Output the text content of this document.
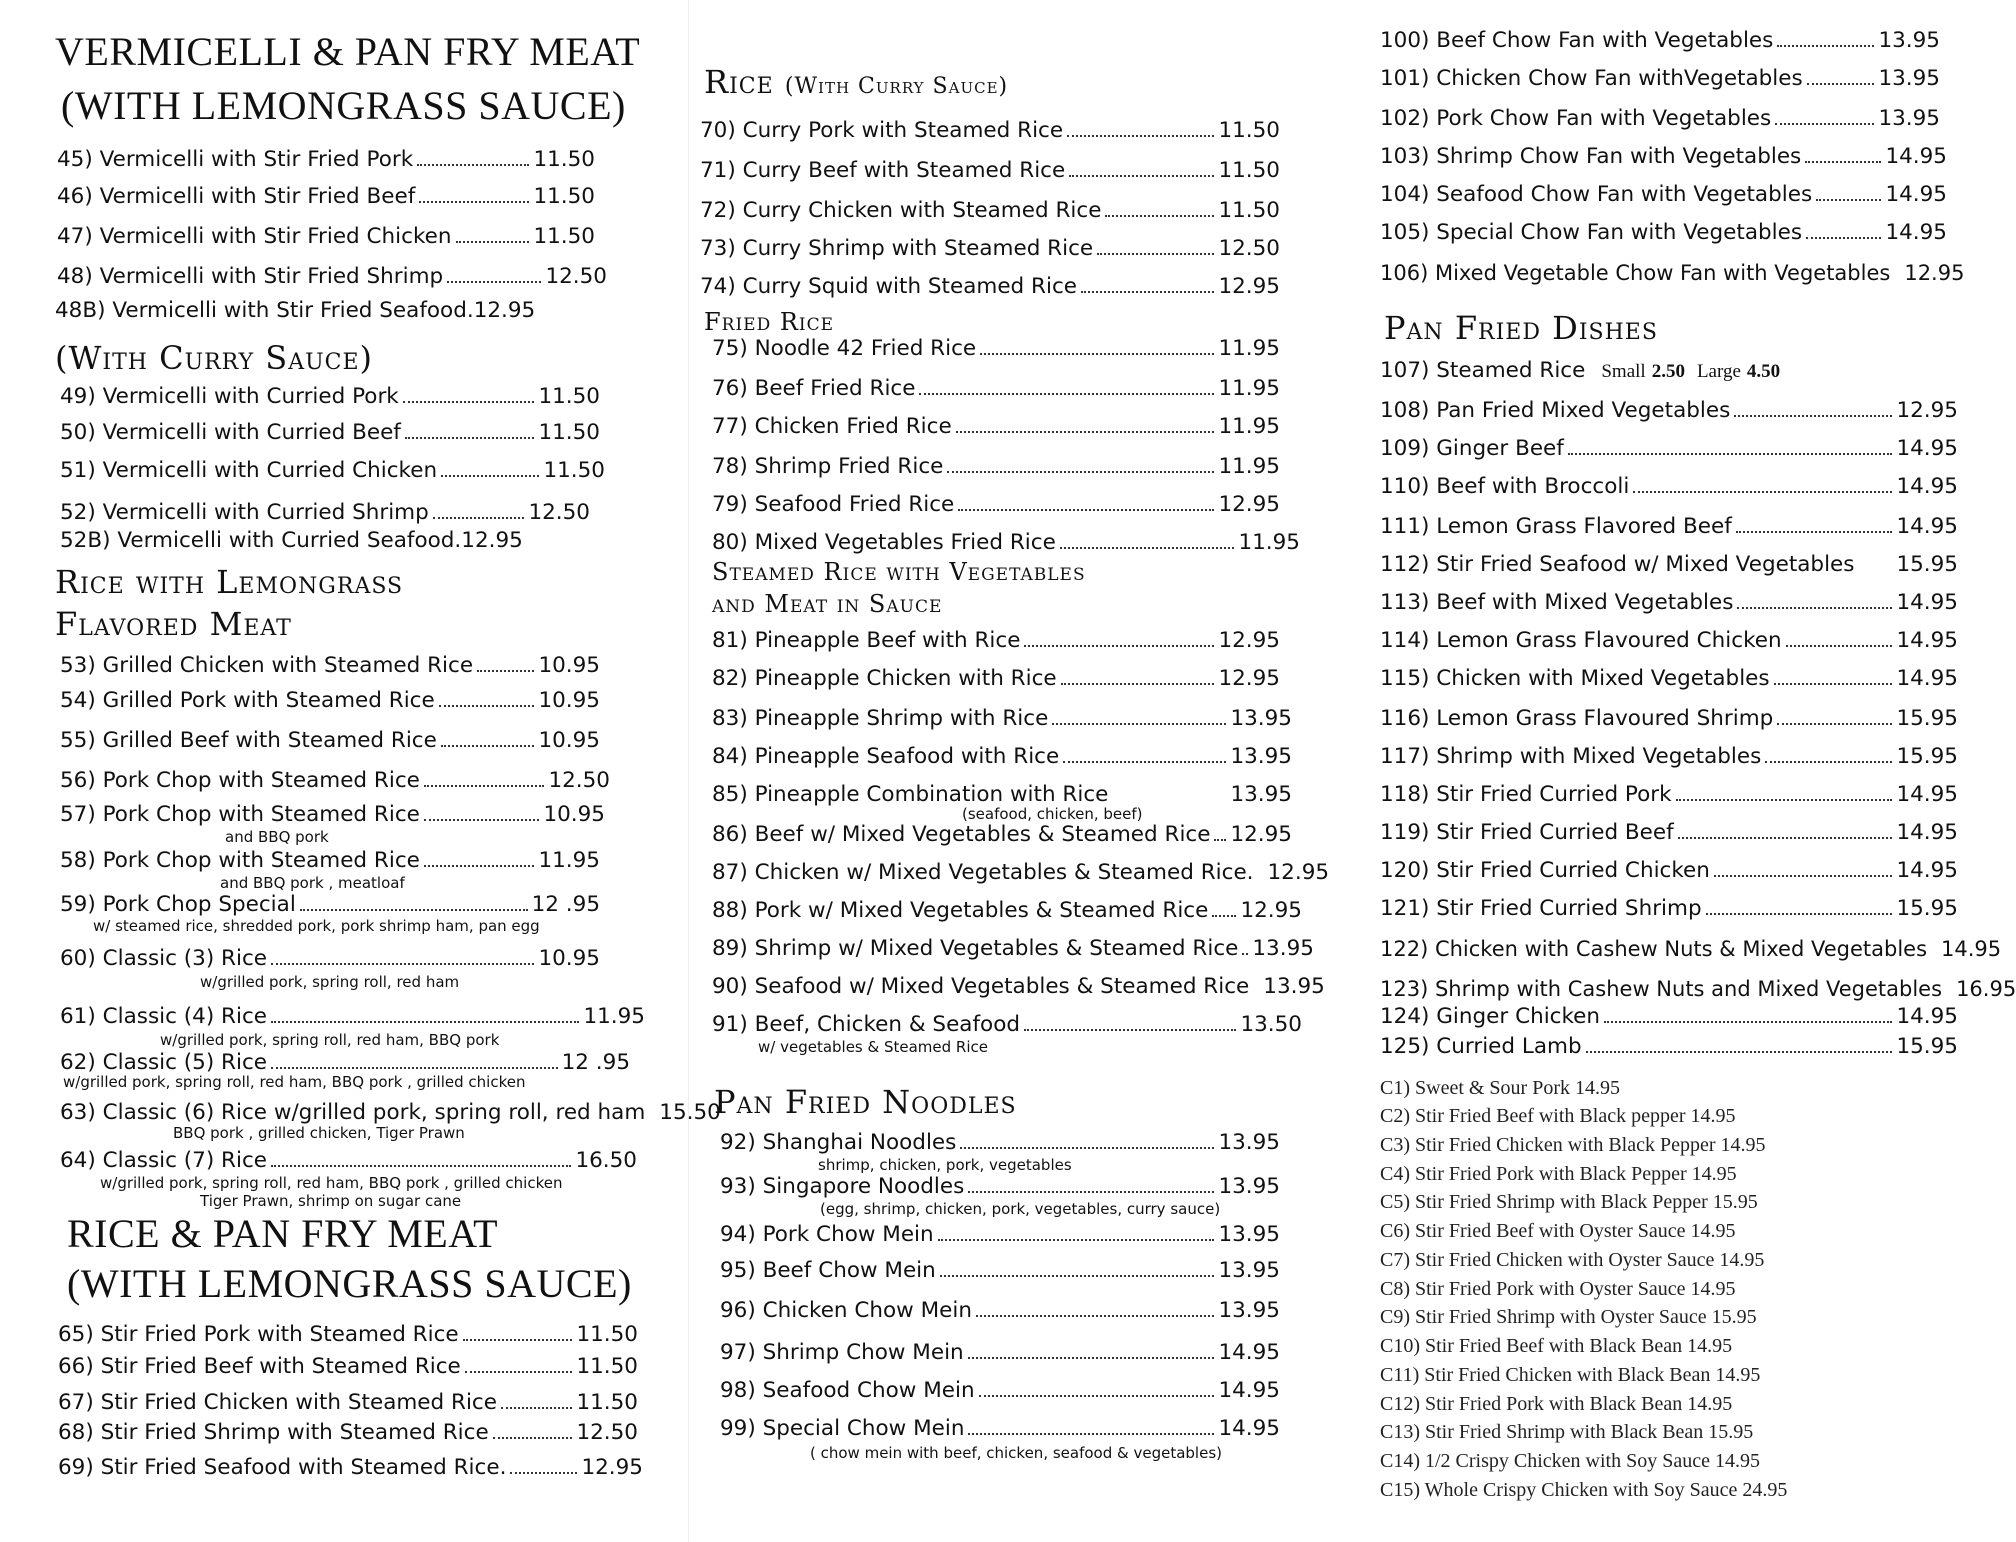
VERMICELLI & PAN FRY MEAT
(WITH LEMONGRASS SAUCE)
45) Vermicelli with Stir Fried Pork	11.50
46) Vermicelli with Stir Fried Beef	11.50
47) Vermicelli with Stir Fried Chicken	11.50
48) Vermicelli with Stir Fried Shrimp	12.50
48B) Vermicelli with Stir Fried Seafood. 12.95
(With Curry Sauce)
49) Vermicelli with Curried Pork	11.50
50) Vermicelli with Curried Beef	11.50
51) Vermicelli with Curried Chicken	11.50
52) Vermicelli with Curried Shrimp	12.50
52B) Vermicelli with Curried Seafood. 12.95
Rice with Lemongrass
Flavored Meat
53) Grilled Chicken with Steamed Rice	10.95
54) Grilled Pork with Steamed Rice	10.95
55) Grilled Beef with Steamed Rice	10.95
56) Pork Chop with Steamed Rice	12.50
57) Pork Chop with Steamed Rice	10.95
and BBQ pork
58) Pork Chop with Steamed Rice	11.95
and BBQ pork , meatloaf
59) Pork Chop Special	12 .95
w/ steamed rice, shredded pork, pork shrimp ham, pan egg
60) Classic (3) Rice	10.95
w/grilled pork, spring roll, red ham
61) Classic (4) Rice	11.95
w/grilled pork, spring roll, red ham, BBQ pork
62) Classic (5) Rice	12 .95
w/grilled pork, spring roll, red ham, BBQ pork , grilled chicken
63) Classic (6) Rice w/grilled pork, spring roll, red ham 15.50
BBQ pork , grilled chicken, Tiger Prawn
64) Classic (7) Rice	16.50
w/grilled pork, spring roll, red ham, BBQ pork , grilled chicken
Tiger Prawn, shrimp on sugar cane
RICE & PAN FRY MEAT
(WITH LEMONGRASS SAUCE)
65) Stir Fried Pork with Steamed Rice	11.50
66) Stir Fried Beef with Steamed Rice	11.50
67) Stir Fried Chicken with Steamed Rice	11.50
68) Stir Fried Shrimp with Steamed Rice	12.50
69) Stir Fried Seafood with Steamed Rice.	12.95
Rice (With Curry Sauce)
70) Curry Pork with Steamed Rice	11.50
71) Curry Beef with Steamed Rice	11.50
72) Curry Chicken with Steamed Rice	11.50
73) Curry Shrimp with Steamed Rice	12.50
74) Curry Squid with Steamed Rice	12.95
Fried Rice
75) Noodle 42 Fried Rice	11.95
76) Beef Fried Rice	11.95
77) Chicken Fried Rice	11.95
78) Shrimp Fried Rice	11.95
79) Seafood Fried Rice	12.95
80) Mixed Vegetables Fried Rice	11.95
Steamed Rice with Vegetables
and Meat in Sauce
81) Pineapple Beef with Rice	12.95
82) Pineapple Chicken with Rice	12.95
83) Pineapple Shrimp with Rice	13.95
84) Pineapple Seafood with Rice	13.95
85) Pineapple Combination with Rice	13.95
(seafood, chicken, beef)
86) Beef w/ Mixed Vegetables & Steamed Rice 12.95
87) Chicken w/ Mixed Vegetables & Steamed Rice. 12.95
88) Pork w/ Mixed Vegetables & Steamed Rice 12.95
89) Shrimp w/ Mixed Vegetables & Steamed Rice 13.95
90) Seafood w/ Mixed Vegetables & Steamed Rice 13.95
91) Beef, Chicken & Seafood	13.50
w/ vegetables & Steamed Rice
Pan Fried Noodles
92) Shanghai Noodles	13.95
shrimp, chicken, pork, vegetables
93) Singapore Noodles	13.95
(egg, shrimp, chicken, pork, vegetables, curry sauce)
94) Pork Chow Mein	13.95
95) Beef Chow Mein	13.95
96) Chicken Chow Mein	13.95
97) Shrimp Chow Mein	14.95
98) Seafood Chow Mein	14.95
99) Special Chow Mein	14.95
( chow mein with beef, chicken, seafood & vegetables)
100) Beef Chow Fan with Vegetables	13.95
101) Chicken Chow Fan withVegetables	13.95
102) Pork Chow Fan with Vegetables	13.95
103) Shrimp Chow Fan with Vegetables	14.95
104) Seafood Chow Fan with Vegetables	14.95
105) Special Chow Fan with Vegetables	14.95
106) Mixed Vegetable Chow Fan with Vegetables 12.95
Pan Fried Dishes
107) Steamed Rice Small 2.50 Large 4.50
108) Pan Fried Mixed Vegetables	12.95
109) Ginger Beef	14.95
110) Beef with Broccoli	14.95
111) Lemon Grass Flavored Beef	14.95
112) Stir Fried Seafood w/ Mixed Vegetables 15.95
113) Beef with Mixed Vegetables	14.95
114) Lemon Grass Flavoured Chicken	14.95
115) Chicken with Mixed Vegetables	14.95
116) Lemon Grass Flavoured Shrimp	15.95
117) Shrimp with Mixed Vegetables	15.95
118) Stir Fried Curried Pork	14.95
119) Stir Fried Curried Beef	14.95
120) Stir Fried Curried Chicken	14.95
121) Stir Fried Curried Shrimp	15.95
122) Chicken with Cashew Nuts & Mixed Vegetables 14.95
123) Shrimp with Cashew Nuts and Mixed Vegetables 16.95
124) Ginger Chicken	14.95
125) Curried Lamb	15.95
C1) Sweet & Sour Pork 14.95
C2) Stir Fried Beef with Black pepper 14.95
C3) Stir Fried Chicken with Black Pepper 14.95
C4) Stir Fried Pork with Black Pepper 14.95
C5) Stir Fried Shrimp with Black Pepper 15.95
C6) Stir Fried Beef with Oyster Sauce 14.95
C7) Stir Fried Chicken with Oyster Sauce 14.95
C8) Stir Fried Pork with Oyster Sauce 14.95
C9) Stir Fried Shrimp with Oyster Sauce 15.95
C10) Stir Fried Beef with Black Bean 14.95
C11) Stir Fried Chicken with Black Bean 14.95
C12) Stir Fried Pork with Black Bean 14.95
C13) Stir Fried Shrimp with Black Bean 15.95
C14) 1/2 Crispy Chicken with Soy Sauce 14.95
C15) Whole Crispy Chicken with Soy Sauce 24.95
